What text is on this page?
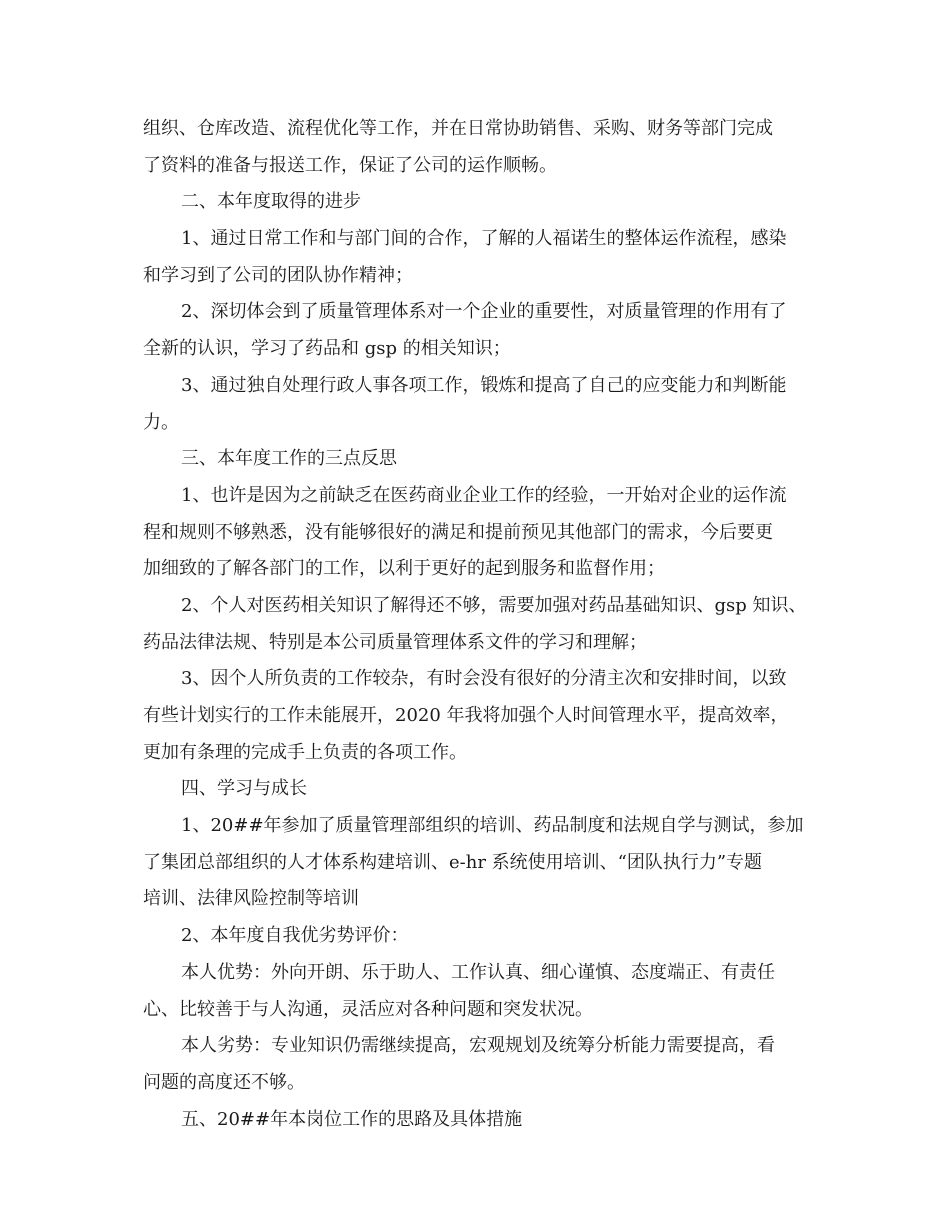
组织、仓库改造、流程优化等工作，并在日常协助销售、采购、财务等部门完成
了资料的准备与报送工作，保证了公司的运作顺畅。
二、本年度取得的进步
1、通过日常工作和与部门间的合作，了解的人福诺生的整体运作流程，感染
和学习到了公司的团队协作精神；
2、深切体会到了质量管理体系对一个企业的重要性，对质量管理的作用有了
全新的认识，学习了药品和 gsp 的相关知识；
3、通过独自处理行政人事各项工作，锻炼和提高了自己的应变能力和判断能
力。
三、本年度工作的三点反思
1、也许是因为之前缺乏在医药商业企业工作的经验，一开始对企业的运作流
程和规则不够熟悉，没有能够很好的满足和提前预见其他部门的需求，今后要更
加细致的了解各部门的工作，以利于更好的起到服务和监督作用；
2、个人对医药相关知识了解得还不够，需要加强对药品基础知识、gsp 知识、
药品法律法规、特别是本公司质量管理体系文件的学习和理解；
3、因个人所负责的工作较杂，有时会没有很好的分清主次和安排时间，以致
有些计划实行的工作未能展开，2020 年我将加强个人时间管理水平，提高效率，
更加有条理的完成手上负责的各项工作。
四、学习与成长
1、20##年参加了质量管理部组织的培训、药品制度和法规自学与测试，参加
了集团总部组织的人才体系构建培训、e-hr 系统使用培训、“团队执行力”专题
培训、法律风险控制等培训
2、本年度自我优劣势评价：
本人优势：外向开朗、乐于助人、工作认真、细心谨慎、态度端正、有责任
心、比较善于与人沟通，灵活应对各种问题和突发状况。
本人劣势：专业知识仍需继续提高，宏观规划及统筹分析能力需要提高，看
问题的高度还不够。
五、20##年本岗位工作的思路及具体措施
